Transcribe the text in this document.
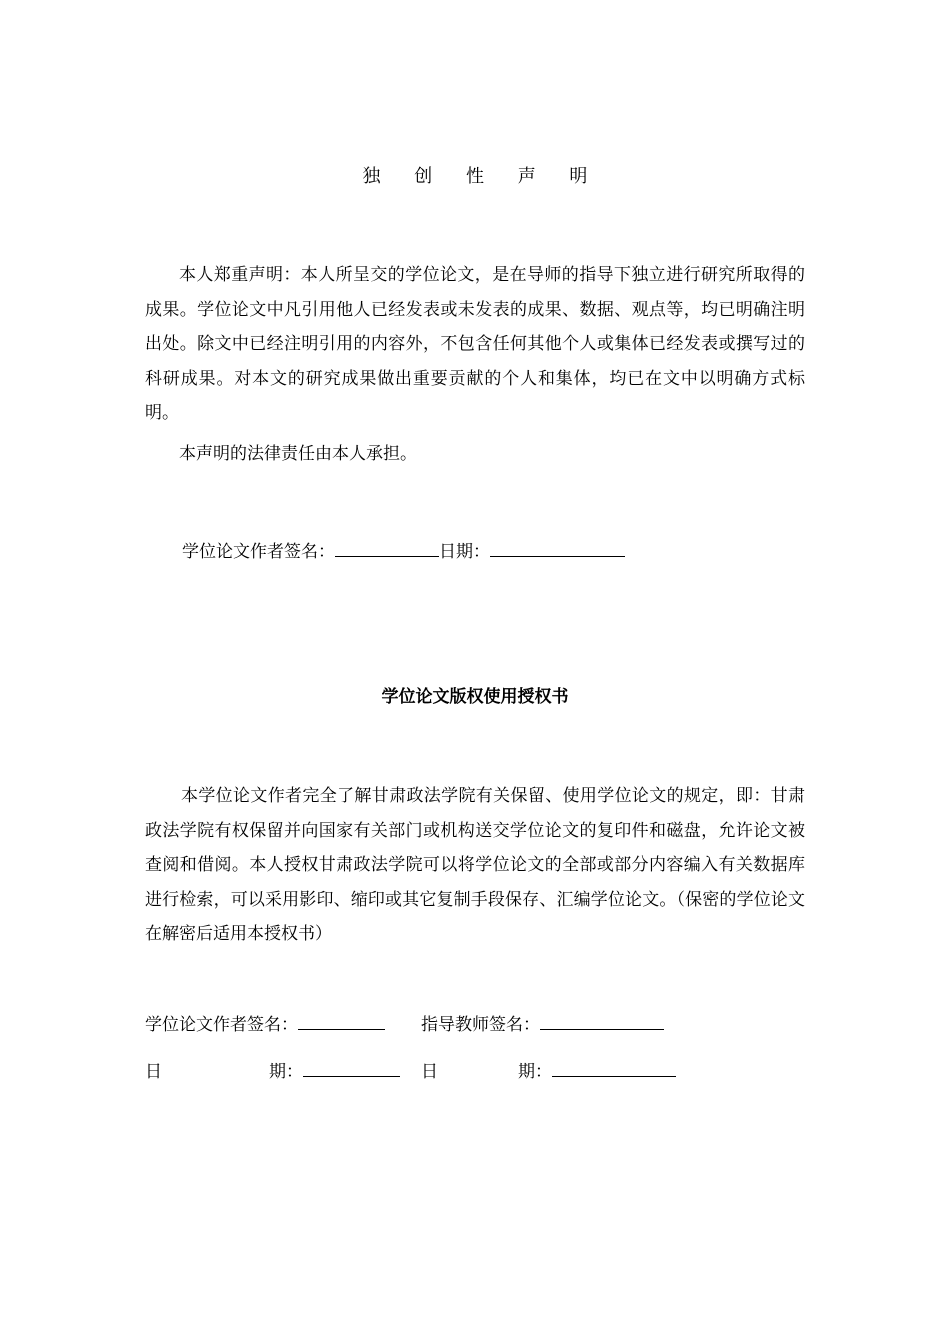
独 创 性 声 明

本人郑重声明：本人所呈交的学位论文，是在导师的指导下独立进行研究所取得的成果。学位论文中凡引用他人已经发表或未发表的成果、数据、观点等，均已明确注明出处。除文中已经注明引用的内容外，不包含任何其他个人或集体已经发表或撰写过的科研成果。对本文的研究成果做出重要贡献的个人和集体，均已在文中以明确方式标明。

本声明的法律责任由本人承担。

学位论文作者签名：	日期：
学位论文版权使用授权书

本学位论文作者完全了解甘肃政法学院有关保留、使用学位论文的规定，即：甘肃政法学院有权保留并向国家有关部门或机构送交学位论文的复印件和磁盘，允许论文被查阅和借阅。本人授权甘肃政法学院可以将学位论文的全部或部分内容编入有关数据库进行检索，可以采用影印、缩印或其它复制手段保存、汇编学位论文。（保密的学位论文在解密后适用本授权书）

学位论文作者签名：	指导教师签名：
日	期：	日	期：
